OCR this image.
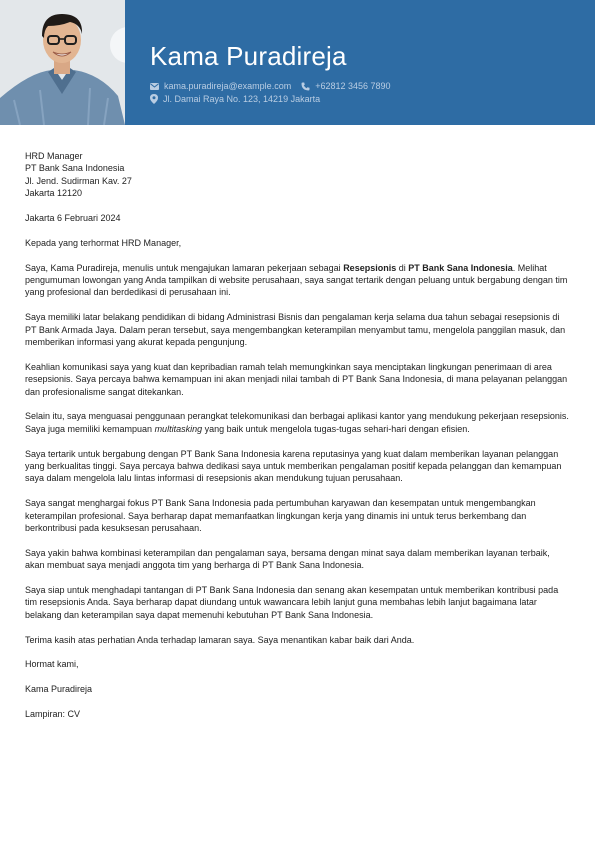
Kama Puradireja
kama.puradireja@example.com	+62812 3456 7890
Jl. Damai Raya No. 123, 14219 Jakarta

HRD Manager
PT Bank Sana Indonesia
Jl. Jend. Sudirman Kav. 27
Jakarta 12120

Jakarta 6 Februari 2024

Kepada yang terhormat HRD Manager,

Saya, Kama Puradireja, menulis untuk mengajukan lamaran pekerjaan sebagai Resepsionis di PT Bank Sana Indonesia. Melihat pengumuman lowongan yang Anda tampilkan di website perusahaan, saya sangat tertarik dengan peluang untuk bergabung dengan tim yang profesional dan berdedikasi di perusahaan ini.

Saya memiliki latar belakang pendidikan di bidang Administrasi Bisnis dan pengalaman kerja selama dua tahun sebagai resepsionis di PT Bank Armada Jaya. Dalam peran tersebut, saya mengembangkan keterampilan menyambut tamu, mengelola panggilan masuk, dan memberikan informasi yang akurat kepada pengunjung.

Keahlian komunikasi saya yang kuat dan kepribadian ramah telah memungkinkan saya menciptakan lingkungan penerimaan di area resepsionis. Saya percaya bahwa kemampuan ini akan menjadi nilai tambah di PT Bank Sana Indonesia, di mana pelayanan pelanggan dan profesionalisme sangat ditekankan.

Selain itu, saya menguasai penggunaan perangkat telekomunikasi dan berbagai aplikasi kantor yang mendukung pekerjaan resepsionis. Saya juga memiliki kemampuan multitasking yang baik untuk mengelola tugas-tugas sehari-hari dengan efisien.

Saya tertarik untuk bergabung dengan PT Bank Sana Indonesia karena reputasinya yang kuat dalam memberikan layanan pelanggan yang berkualitas tinggi. Saya percaya bahwa dedikasi saya untuk memberikan pengalaman positif kepada pelanggan dan kemampuan saya dalam mengelola lalu lintas informasi di resepsionis akan mendukung tujuan perusahaan.

Saya sangat menghargai fokus PT Bank Sana Indonesia pada pertumbuhan karyawan dan kesempatan untuk mengembangkan keterampilan profesional. Saya berharap dapat memanfaatkan lingkungan kerja yang dinamis ini untuk terus berkembang dan berkontribusi pada kesuksesan perusahaan.

Saya yakin bahwa kombinasi keterampilan dan pengalaman saya, bersama dengan minat saya dalam memberikan layanan terbaik, akan membuat saya menjadi anggota tim yang berharga di PT Bank Sana Indonesia.

Saya siap untuk menghadapi tantangan di PT Bank Sana Indonesia dan senang akan kesempatan untuk memberikan kontribusi pada tim resepsionis Anda. Saya berharap dapat diundang untuk wawancara lebih lanjut guna membahas lebih lanjut bagaimana latar belakang dan keterampilan saya dapat memenuhi kebutuhan PT Bank Sana Indonesia.

Terima kasih atas perhatian Anda terhadap lamaran saya. Saya menantikan kabar baik dari Anda.

Hormat kami,

Kama Puradireja

Lampiran: CV
